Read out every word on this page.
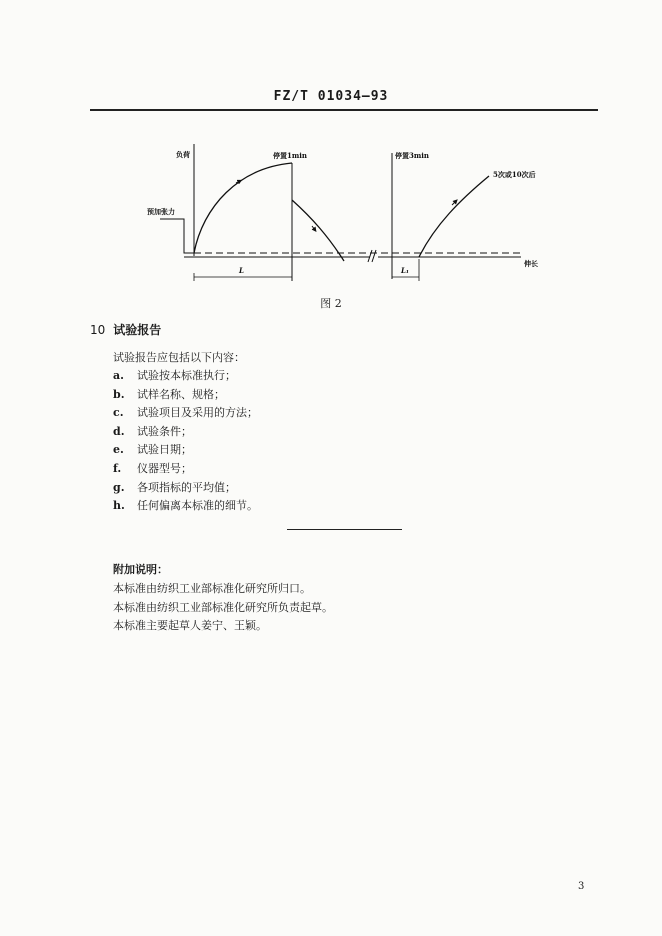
FZ/T 01034—93
负荷
预加张力
停置1min	停置3min
5次或10次后
伸长
L	L₁
图 2
10 试验报告
试验报告应包括以下内容：
a. 试验按本标准执行；
b. 试样名称、规格；
c. 试验项目及采用的方法；
d. 试验条件；
e. 试验日期；
f. 仪器型号；
g. 各项指标的平均值；
h. 任何偏离本标准的细节。
附加说明：
本标准由纺织工业部标准化研究所归口。
本标准由纺织工业部标准化研究所负责起草。
本标准主要起草人姜宁、王颖。
3
